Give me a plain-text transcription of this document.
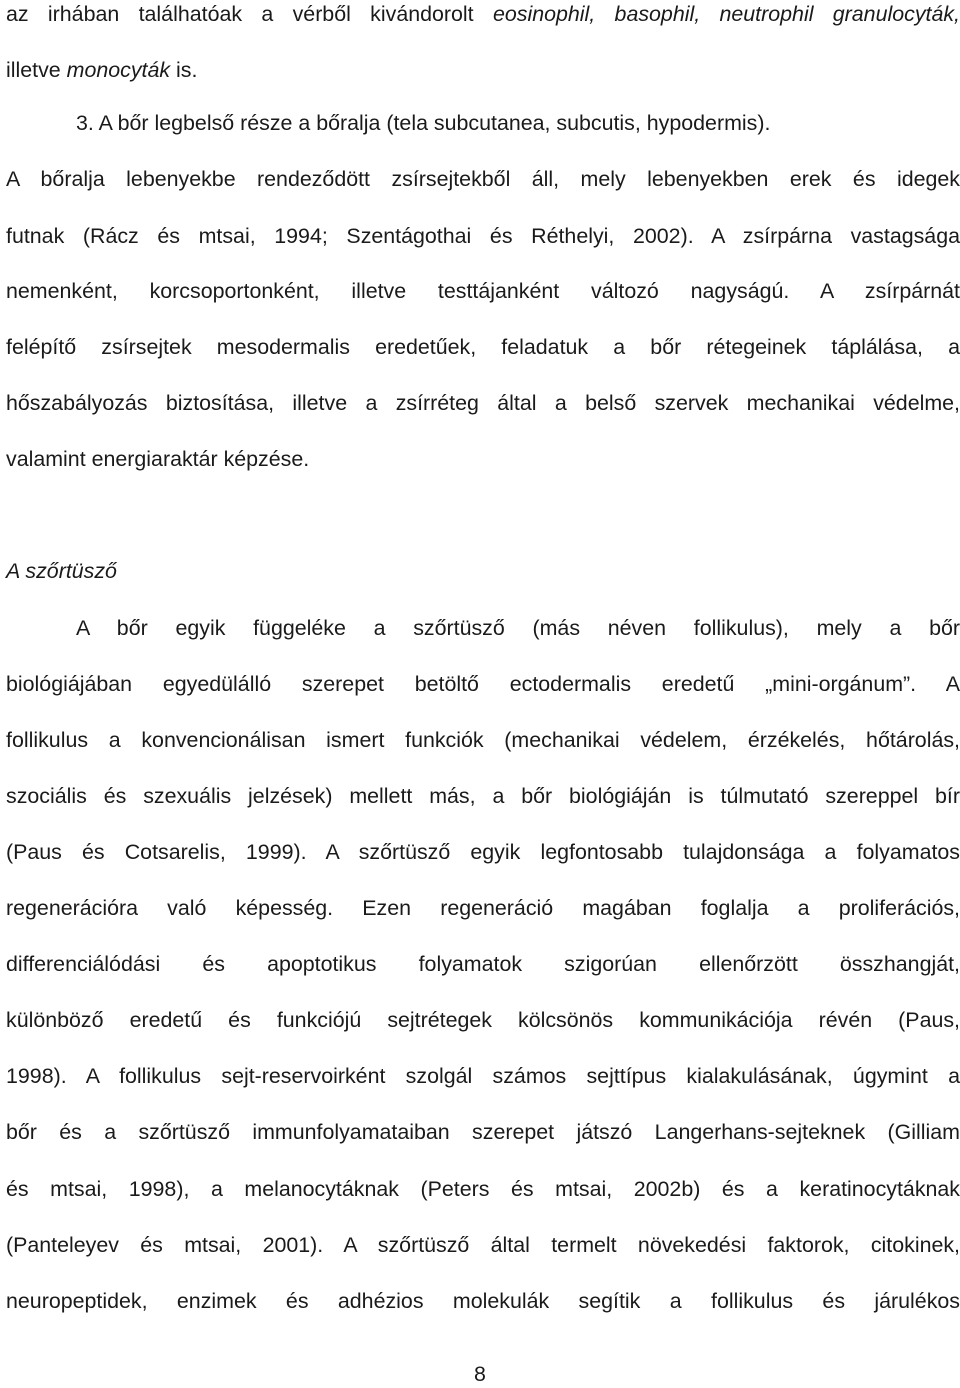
az irhában találhatóak a vérből kivándorolt eosinophil, basophil, neutrophil granulocyták,

illetve monocyták is.

3. A bőr legbelső része a bőralja (tela subcutanea, subcutis, hypodermis).

A bőralja lebenyekbe rendeződött zsírsejtekből áll, mely lebenyekben erek és idegek

futnak (Rácz és mtsai, 1994; Szentágothai és Réthelyi, 2002). A zsírpárna vastagsága

nemenként, korcsoportonként, illetve testtájanként változó nagyságú. A zsírpárnát

felépítő zsírsejtek mesodermalis eredetűek, feladatuk a bőr rétegeinek táplálása, a

hőszabályozás biztosítása, illetve a zsírréteg által a belső szervek mechanikai védelme,

valamint energiaraktár képzése.

A szőrtüsző

A bőr egyik függeléke a szőrtüsző (más néven follikulus), mely a bőr

biológiájában egyedülálló szerepet betöltő ectodermalis eredetű „mini-orgánum”. A

follikulus a konvencionálisan ismert funkciók (mechanikai védelem, érzékelés, hőtárolás,

szociális és szexuális jelzések) mellett más, a bőr biológiáján is túlmutató szereppel bír

(Paus és Cotsarelis, 1999). A szőrtüsző egyik legfontosabb tulajdonsága a folyamatos

regenerációra való képesség. Ezen regeneráció magában foglalja a proliferációs,

differenciálódási és apoptotikus folyamatok szigorúan ellenőrzött összhangját,

különböző eredetű és funkciójú sejtrétegek kölcsönös kommunikációja révén (Paus,

1998). A follikulus sejt-reservoirként szolgál számos sejttípus kialakulásának, úgymint a

bőr és a szőrtüsző immunfolyamataiban szerepet játszó Langerhans-sejteknek (Gilliam

és mtsai, 1998), a melanocytáknak (Peters és mtsai, 2002b) és a keratinocytáknak

(Panteleyev és mtsai, 2001). A szőrtüsző által termelt növekedési faktorok, citokinek,

neuropeptidek, enzimek és adhézios molekulák segítik a follikulus és járulékos

8
